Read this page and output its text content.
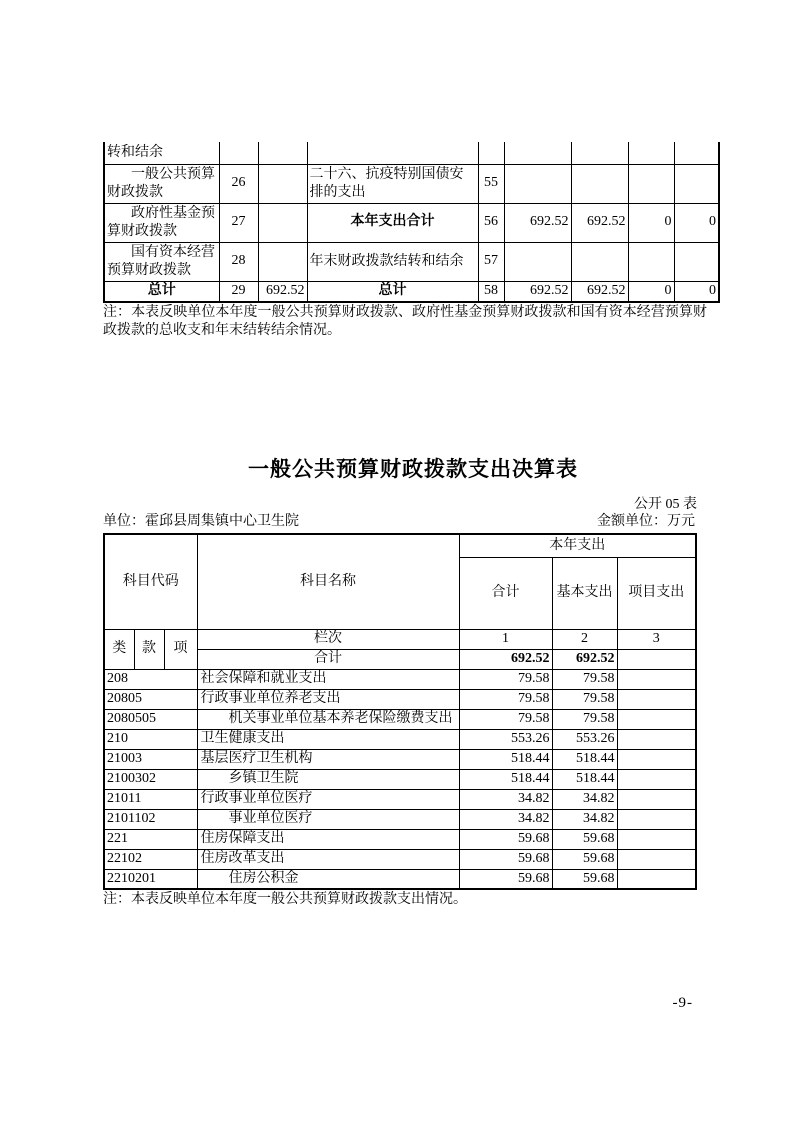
转和结余								
一般公共预算财政拨款	26		二十六、抗疫特别国债安排的支出	55				
政府性基金预算财政拨款	27		本年支出合计	56	692.52	692.52	0	0
国有资本经营预算财政拨款	28		年末财政拨款结转和结余	57				
总计	29	692.52	总计	58	692.52	692.52	0	0
注：本表反映单位本年度一般公共预算财政拨款、政府性基金预算财政拨款和国有资本经营预算财政拨款的总收支和年末结转结余情况。
一般公共预算财政拨款支出决算表
公开 05 表
单位：霍邱县周集镇中心卫生院	金额单位：万元
科目代码			科目名称	本年支出		
				合计	基本支出	项目支出
类	款	项	栏次	1	2	3
			合计	692.52	692.52	
208			社会保障和就业支出	79.58	79.58	
20805			行政事业单位养老支出	79.58	79.58	
2080505			机关事业单位基本养老保险缴费支出	79.58	79.58	
210			卫生健康支出	553.26	553.26	
21003			基层医疗卫生机构	518.44	518.44	
2100302			乡镇卫生院	518.44	518.44	
21011			行政事业单位医疗	34.82	34.82	
2101102			事业单位医疗	34.82	34.82	
221			住房保障支出	59.68	59.68	
22102			住房改革支出	59.68	59.68	
2210201			住房公积金	59.68	59.68	
注：本表反映单位本年度一般公共预算财政拨款支出情况。
-9-
